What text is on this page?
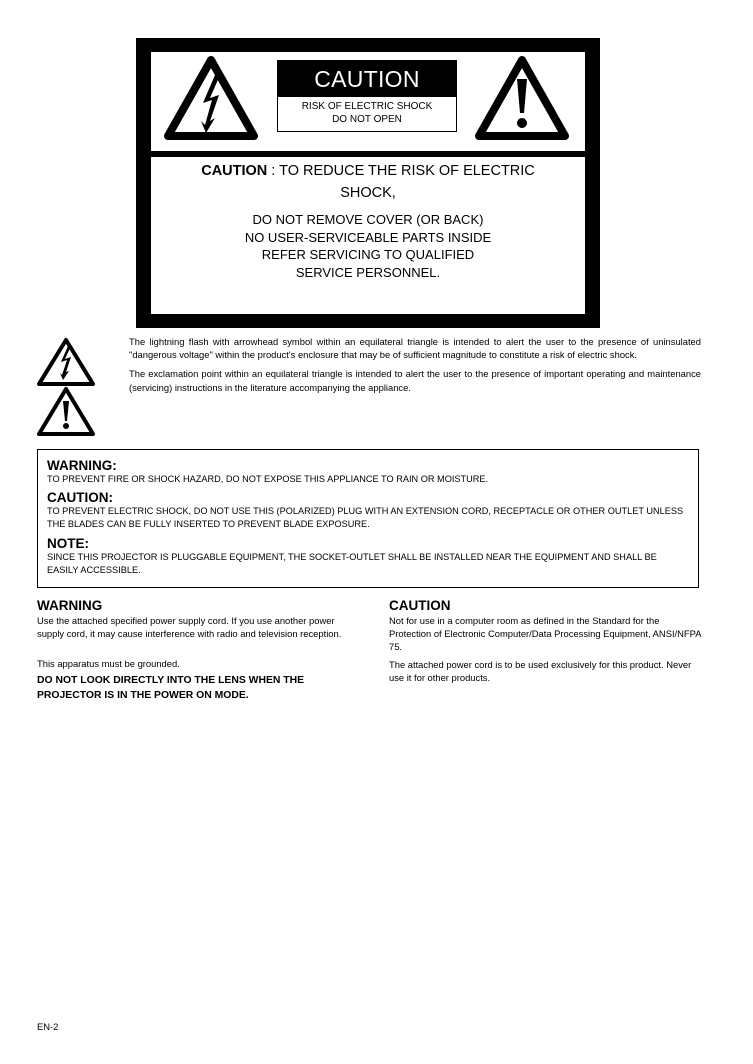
CAUTION
RISK OF ELECTRIC SHOCK
DO NOT OPEN
CAUTION : TO REDUCE THE RISK OF ELECTRIC
SHOCK,
DO NOT REMOVE COVER (OR BACK)
NO USER-SERVICEABLE PARTS INSIDE
REFER SERVICING TO QUALIFIED
SERVICE PERSONNEL.

The lightning flash with arrowhead symbol within an equilateral triangle is intended to alert the user to the presence of uninsulated "dangerous voltage" within the product's enclosure that may be of sufficient magnitude to constitute a risk of electric shock.

The exclamation point within an equilateral triangle is intended to alert the user to the presence of important operating and maintenance (servicing) instructions in the literature accompanying the appliance.

WARNING:
TO PREVENT FIRE OR SHOCK HAZARD, DO NOT EXPOSE THIS APPLIANCE TO RAIN OR MOISTURE.
CAUTION:
TO PREVENT ELECTRIC SHOCK, DO NOT USE THIS (POLARIZED) PLUG WITH AN EXTENSION CORD, RECEPTACLE OR OTHER OUTLET UNLESS THE BLADES CAN BE FULLY INSERTED TO PREVENT BLADE EXPOSURE.
NOTE:
SINCE THIS PROJECTOR IS PLUGGABLE EQUIPMENT, THE SOCKET-OUTLET SHALL BE INSTALLED NEAR THE EQUIPMENT AND SHALL BE EASILY ACCESSIBLE.
WARNING

Use the attached specified power supply cord. If you use another power supply cord, it may cause interference with radio and television reception.

This apparatus must be grounded.

DO NOT LOOK DIRECTLY INTO THE LENS WHEN THE PROJECTOR IS IN THE POWER ON MODE.

CAUTION

Not for use in a computer room as defined in the Standard for the Protection of Electronic Computer/Data Processing Equipment, ANSI/NFPA 75.

The attached power cord is to be used exclusively for this product. Never use it for other products.

EN-2
